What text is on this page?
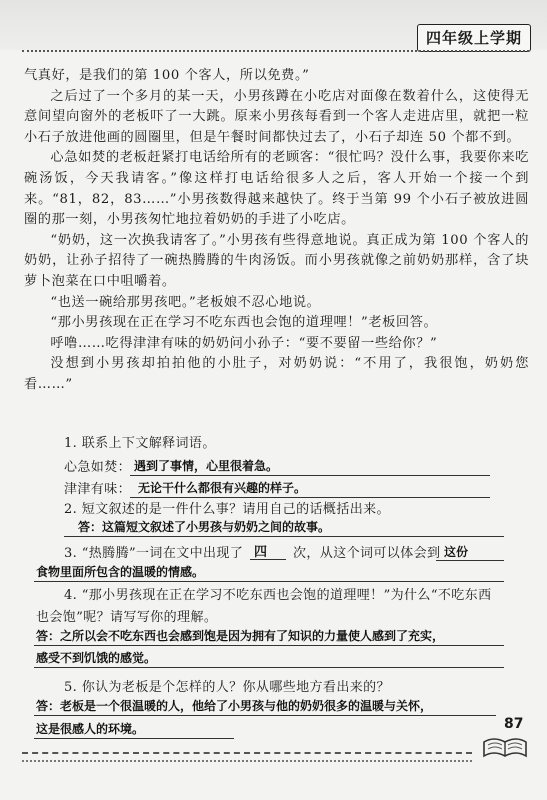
四年级上学期

气真好，是我们的第 100 个客人，所以免费。”

之后过了一个多月的某一天，小男孩蹲在小吃店对面像在数着什么，这使得无意间望向窗外的老板吓了一大跳。原来小男孩每看到一个客人走进店里，就把一粒小石子放进他画的圆圈里，但是午餐时间都快过去了，小石子却连 50 个都不到。

心急如焚的老板赶紧打电话给所有的老顾客：“很忙吗？没什么事，我要你来吃碗汤饭，今天我请客。”像这样打电话给很多人之后，客人开始一个接一个到来。“81，82，83……”小男孩数得越来越快了。终于当第 99 个小石子被放进圆圈的那一刻，小男孩匆忙地拉着奶奶的手进了小吃店。

“奶奶，这一次换我请客了。”小男孩有些得意地说。真正成为第 100 个客人的奶奶，让孙子招待了一碗热腾腾的牛肉汤饭。而小男孩就像之前奶奶那样，含了块萝卜泡菜在口中咀嚼着。

“也送一碗给那男孩吧。”老板娘不忍心地说。

“那小男孩现在正在学习不吃东西也会饱的道理哩！”老板回答。

呼噜……吃得津津有味的奶奶问小孙子：“要不要留一些给你？”

没想到小男孩却拍拍他的小肚子，对奶奶说：“不用了，我很饱，奶奶您看……”

1. 联系上下文解释词语。
心急如焚： 遇到了事情，心里很着急。
津津有味： 无论干什么都很有兴趣的样子。
2. 短文叙述的是一件什么事？请用自己的话概括出来。
答：这篇短文叙述了小男孩与奶奶之间的故事。
3. “热腾腾”一词在文中出现了 四 次，从这个词可以体会到 这份
食物里面所包含的温暖的情感。
4. “那小男孩现在正在学习不吃东西也会饱的道理哩！”为什么“不吃东西
也会饱”呢？请写写你的理解。
答：之所以会不吃东西也会感到饱是因为拥有了知识的力量使人感到了充实，
感受不到饥饿的感觉。
5. 你认为老板是个怎样的人？你从哪些地方看出来的？
答：老板是一个很温暖的人，他给了小男孩与他的奶奶很多的温暖与关怀，
这是很感人的环境。	87
